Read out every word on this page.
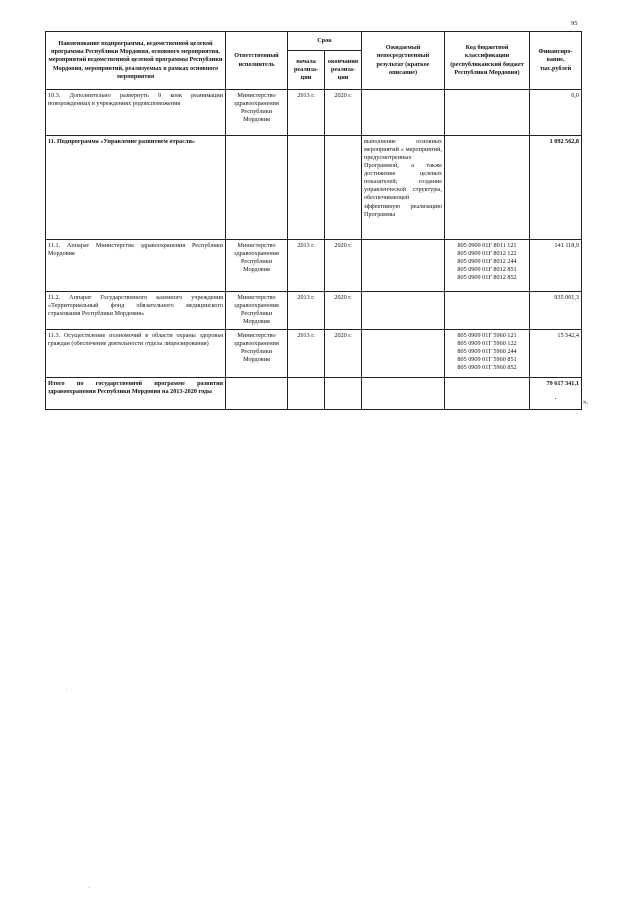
95
Наименование подпрограммы, ведомственной целевой программы Республики Мордовия, основного мероприятия, мероприятий ведомственной целевой программы Республики Мордовия, мероприятий, реализуемых в рамках основного мероприятия	Ответственный исполнитель	Срок		Ожидаемый непосредственный результат (краткое описание)	Код бюджетной классификации (республиканский бюджет Республики Мордовия)	Финансиро-вание, тыс.рублей
		начала реализа-ции	окончания реализа-ции			
10.3. Дополнительно развернуть 9 коек реанимации новорожденных в учреждениях родовспоможения	Министерство здравоохранения Республики Мордовия	2013 г.	2020 г.			0,0
11. Подпрограмма «Управление развитием отрасли»				выполнение основных мероприятий « мероприятий, предусмотренных Программой, а также достижение целевых показателей; создание управленческой структуры, обеспечивающей эффективную реализацию Программы		1 092 562,8
11.1. Аппарат Министерства здравоохранения Республики Мордовия	Министерство здравоохранения Республики Мордовия	2013 г.	2020 г.		805 0909 01Г 8011 121
805 0909 01Г 8012 122
805 0909 01Г 8012 244
805 0909 01Г 8012 851
805 0909 01Г 8012 852	141 118,9
11.2. Аппарат Государственного казенного учреждения «Территориальный фонд обязательного медицинского страхования Республики Мордовия»	Министерство здравоохранения Республики Мордовия	2013 г.	2020 г.			935 001,3
11.3. Осуществление полномочий в области охраны здоровья граждан (обеспечение деятельности отдела лицензирования)	Министерство здравоохранения Республики Мордовия	2013 г.	2020 г.		805 0909 01Г 5960 121
805 0909 01Г 5960 122
805 0909 01Г 5960 244
805 0909 01Г 5960 851
805 0909 01Г 5960 852	15 542,4
Итого по государственной программе развития здравоохранения Республики Мордовия на 2013-2020 годы						79 617 341,1
.
».
.
.
